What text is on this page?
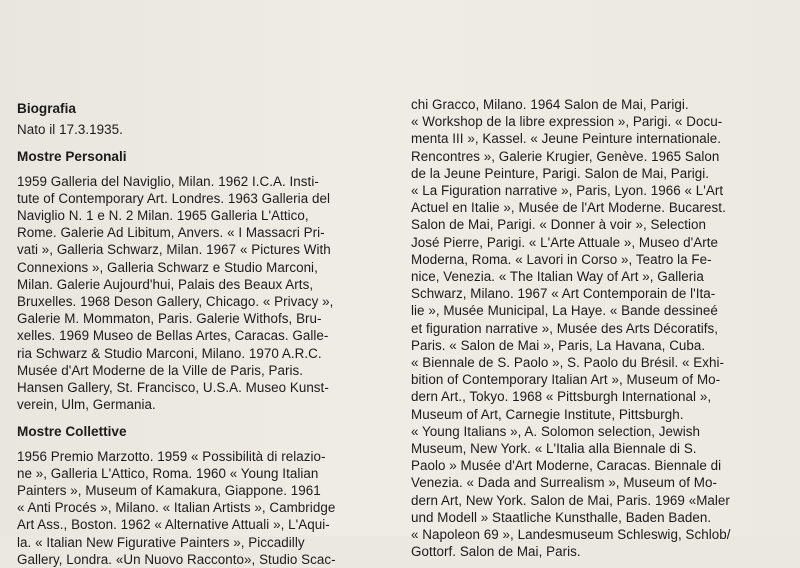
Biografia

Nato il 17.3.1935.

Mostre Personali

1959 Galleria del Naviglio, Milan. 1962 I.C.A. Insti-

tute of Contemporary Art. Londres. 1963 Galleria del

Naviglio N. 1 e N. 2 Milan. 1965 Galleria L'Attico,

Rome. Galerie Ad Libitum, Anvers. « I Massacri Pri-

vati », Galleria Schwarz, Milan. 1967 « Pictures With

Connexions », Galleria Schwarz e Studio Marconi,

Milan. Galerie Aujourd'hui, Palais des Beaux Arts,

Bruxelles. 1968 Deson Gallery, Chicago. « Privacy »,

Galerie M. Mommaton, Paris. Galerie Withofs, Bru-

xelles. 1969 Museo de Bellas Artes, Caracas. Galle-

ria Schwarz & Studio Marconi, Milano. 1970 A.R.C.

Musée d'Art Moderne de la Ville de Paris, Paris.

Hansen Gallery, St. Francisco, U.S.A. Museo Kunst-

verein, Ulm, Germania.

Mostre Collettive

1956 Premio Marzotto. 1959 « Possibilità di relazio-

ne », Galleria L'Attico, Roma. 1960 « Young Italian

Painters », Museum of Kamakura, Giappone. 1961

« Anti Procés », Milano. « Italian Artists », Cambridge

Art Ass., Boston. 1962 « Alternative Attuali », L'Aqui-

la. « Italian New Figurative Painters », Piccadilly

Gallery, Londra. «Un Nuovo Racconto», Studio Scac-

chi Gracco, Milano. 1964 Salon de Mai, Parigi.

« Workshop de la libre expression », Parigi. « Docu-

menta III », Kassel. « Jeune Peinture internationale.

Rencontres », Galerie Krugier, Genève. 1965 Salon

de la Jeune Peinture, Parigi. Salon de Mai, Parigi.

« La Figuration narrative », Paris, Lyon. 1966 « L'Art

Actuel en Italie », Musée de l'Art Moderne. Bucarest.

Salon de Mai, Parigi. « Donner à voir », Selection

José Pierre, Parigi. « L'Arte Attuale », Museo d'Arte

Moderna, Roma. « Lavori in Corso », Teatro la Fe-

nice, Venezia. « The Italian Way of Art », Galleria

Schwarz, Milano. 1967 « Art Contemporain de l'Ita-

lie », Musée Municipal, La Haye. « Bande dessineé

et figuration narrative », Musée des Arts Décoratifs,

Paris. « Salon de Mai », Paris, La Havana, Cuba.

« Biennale de S. Paolo », S. Paolo du Brésil. « Exhi-

bition of Contemporary Italian Art », Museum of Mo-

dern Art., Tokyo. 1968 « Pittsburgh International »,

Museum of Art, Carnegie Institute, Pittsburgh.

« Young Italians », A. Solomon selection, Jewish

Museum, New York. « L'Italia alla Biennale di S.

Paolo » Musée d'Art Moderne, Caracas. Biennale di

Venezia. « Dada and Surrealism », Museum of Mo-

dern Art, New York. Salon de Mai, Paris. 1969 «Maler

und Modell » Staatliche Kunsthalle, Baden Baden.

« Napoleon 69 », Landesmuseum Schleswig, Schlob/

Gottorf. Salon de Mai, Paris.
